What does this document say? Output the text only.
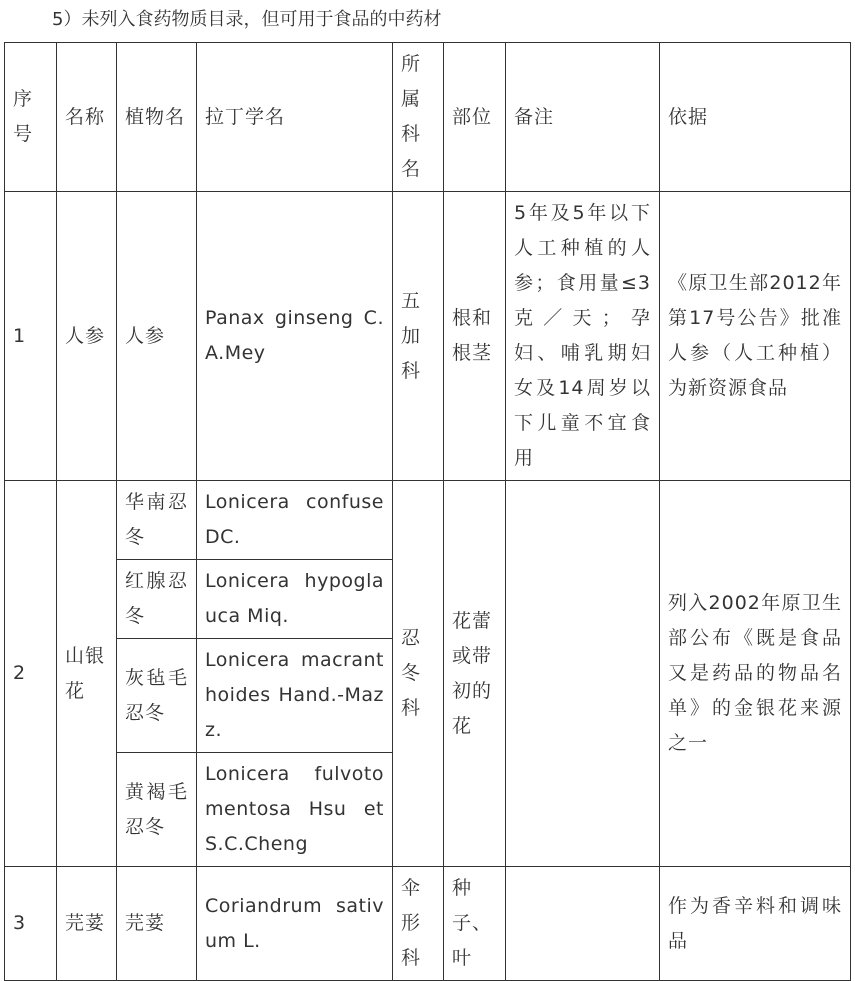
5）未列入食药物质目录，但可用于食品的中药材
序号	名称	植物名	拉丁学名	所属科名	部位	备注	依据
1	人参	人参	Panax ginseng C.A.Mey	五加科	根和根茎	5年及5年以下人工种植的人参；食用量≤3克／天；孕妇、哺乳期妇女及14周岁以下儿童不宜食用	《原卫生部2012年第17号公告》批准人参（人工种植）为新资源食品
2	山银花	华南忍冬	Lonicera confuse DC.	忍冬科	花蕾或带初的花		列入2002年原卫生部公布《既是食品又是药品的物品名单》的金银花来源之一
		红腺忍冬	Lonicera hypoglauca Miq.				
		灰毡毛忍冬	Lonicera macranthoides Hand.-Mazz.				
		黄褐毛忍冬	Lonicera fulvotomentosa Hsu et S.C.Cheng				
3	芫荽	芫荽	Coriandrum sativum L.	伞形科	种子、叶		作为香辛料和调味品
